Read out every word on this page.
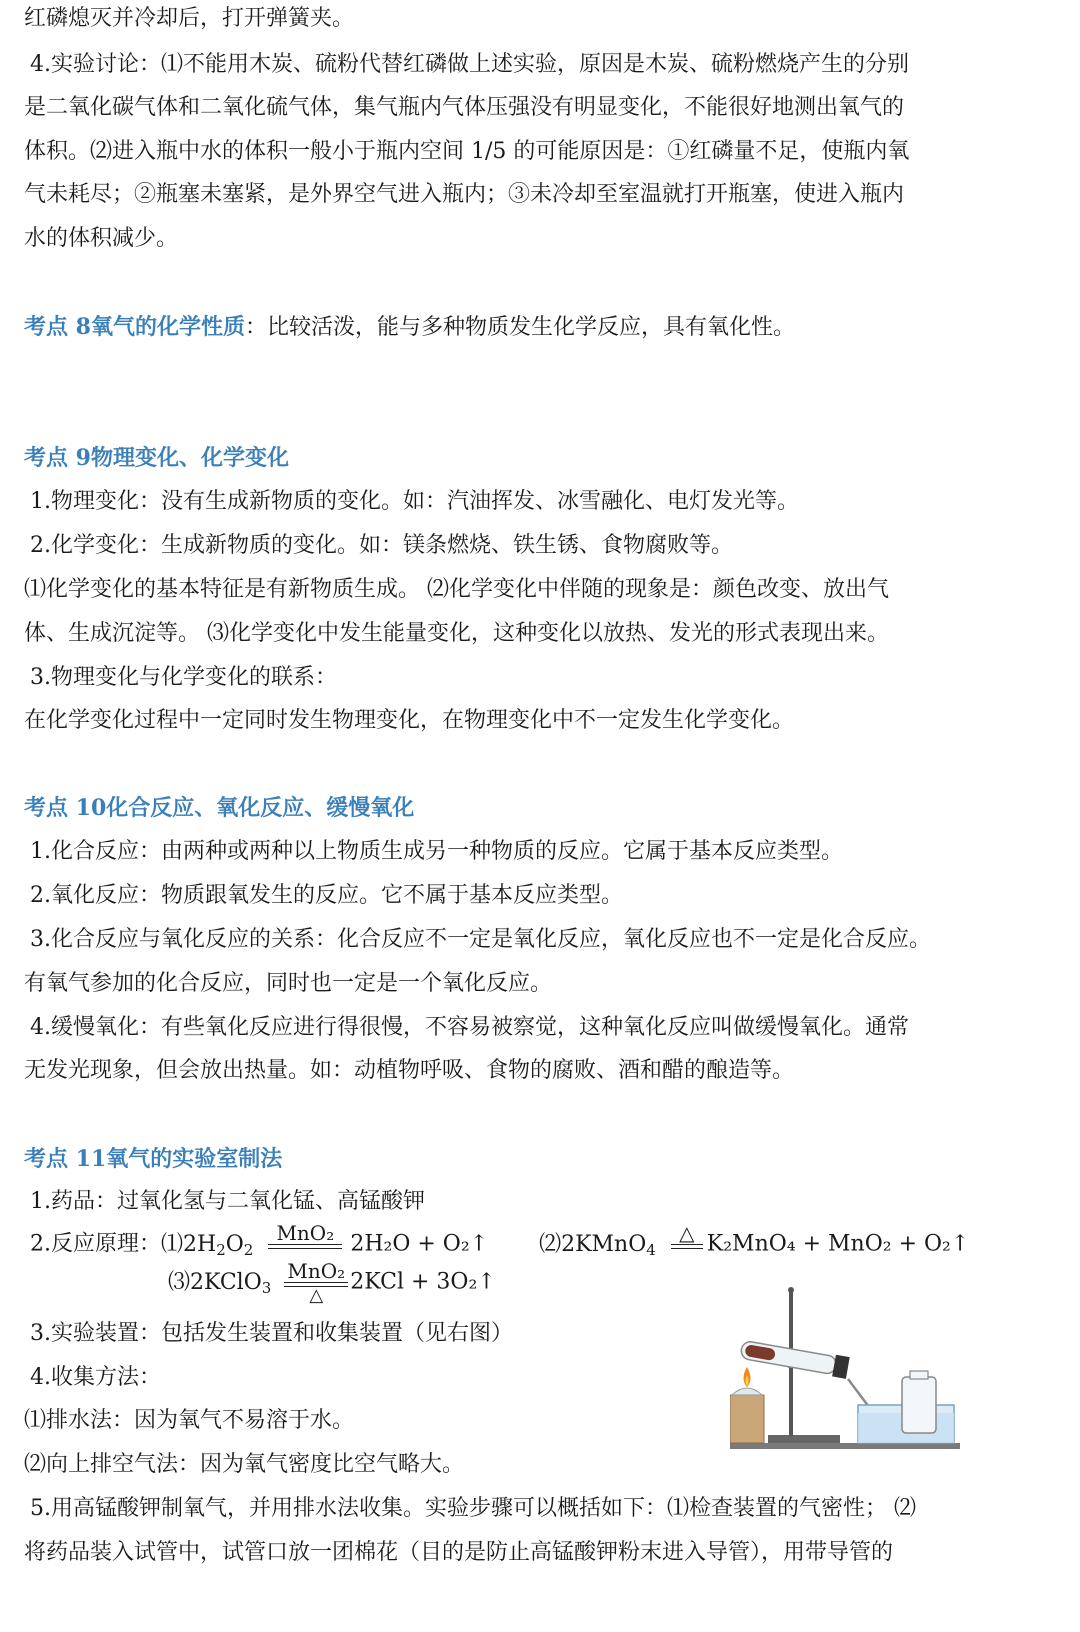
红磷熄灭并冷却后，打开弹簧夹。
4.实验讨论：⑴不能用木炭、硫粉代替红磷做上述实验，原因是木炭、硫粉燃烧产生的分别
是二氧化碳气体和二氧化硫气体，集气瓶内气体压强没有明显变化，不能很好地测出氧气的
体积。⑵进入瓶中水的体积一般小于瓶内空间 1/5 的可能原因是：①红磷量不足，使瓶内氧
气未耗尽；②瓶塞未塞紧，是外界空气进入瓶内；③未冷却至室温就打开瓶塞，使进入瓶内
水的体积减少。
考点 8氧气的化学性质：比较活泼，能与多种物质发生化学反应，具有氧化性。
考点 9物理变化、化学变化
1.物理变化：没有生成新物质的变化。如：汽油挥发、冰雪融化、电灯发光等。
2.化学变化：生成新物质的变化。如：镁条燃烧、铁生锈、食物腐败等。
⑴化学变化的基本特征是有新物质生成。 ⑵化学变化中伴随的现象是：颜色改变、放出气
体、生成沉淀等。 ⑶化学变化中发生能量变化，这种变化以放热、发光的形式表现出来。
3.物理变化与化学变化的联系：
在化学变化过程中一定同时发生物理变化，在物理变化中不一定发生化学变化。
考点 10化合反应、氧化反应、缓慢氧化
1.化合反应：由两种或两种以上物质生成另一种物质的反应。它属于基本反应类型。
2.氧化反应：物质跟氧发生的反应。它不属于基本反应类型。
3.化合反应与氧化反应的关系：化合反应不一定是氧化反应，氧化反应也不一定是化合反应。
有氧气参加的化合反应，同时也一定是一个氧化反应。
4.缓慢氧化：有些氧化反应进行得很慢，不容易被察觉，这种氧化反应叫做缓慢氧化。通常
无发光现象，但会放出热量。如：动植物呼吸、食物的腐败、酒和醋的酿造等。
考点 11氧气的实验室制法
1.药品：过氧化氢与二氧化锰、高锰酸钾
2.反应原理：$⑴2H_2O_2$
MnO₂
2H₂O + O₂↑ ⑵2KMnO$_4$
△
K₂MnO₄ + MnO₂ + O₂↑
⑶2KClO$_3$
MnO₂
△
2KCl + 3O₂↑
3.实验装置：包括发生装置和收集装置（见右图）
4.收集方法：
⑴排水法：因为氧气不易溶于水。
⑵向上排空气法：因为氧气密度比空气略大。
5.用高锰酸钾制氧气，并用排水法收集。实验步骤可以概括如下：⑴检查装置的气密性； ⑵
将药品装入试管中，试管口放一团棉花（目的是防止高锰酸钾粉末进入导管），用带导管的
